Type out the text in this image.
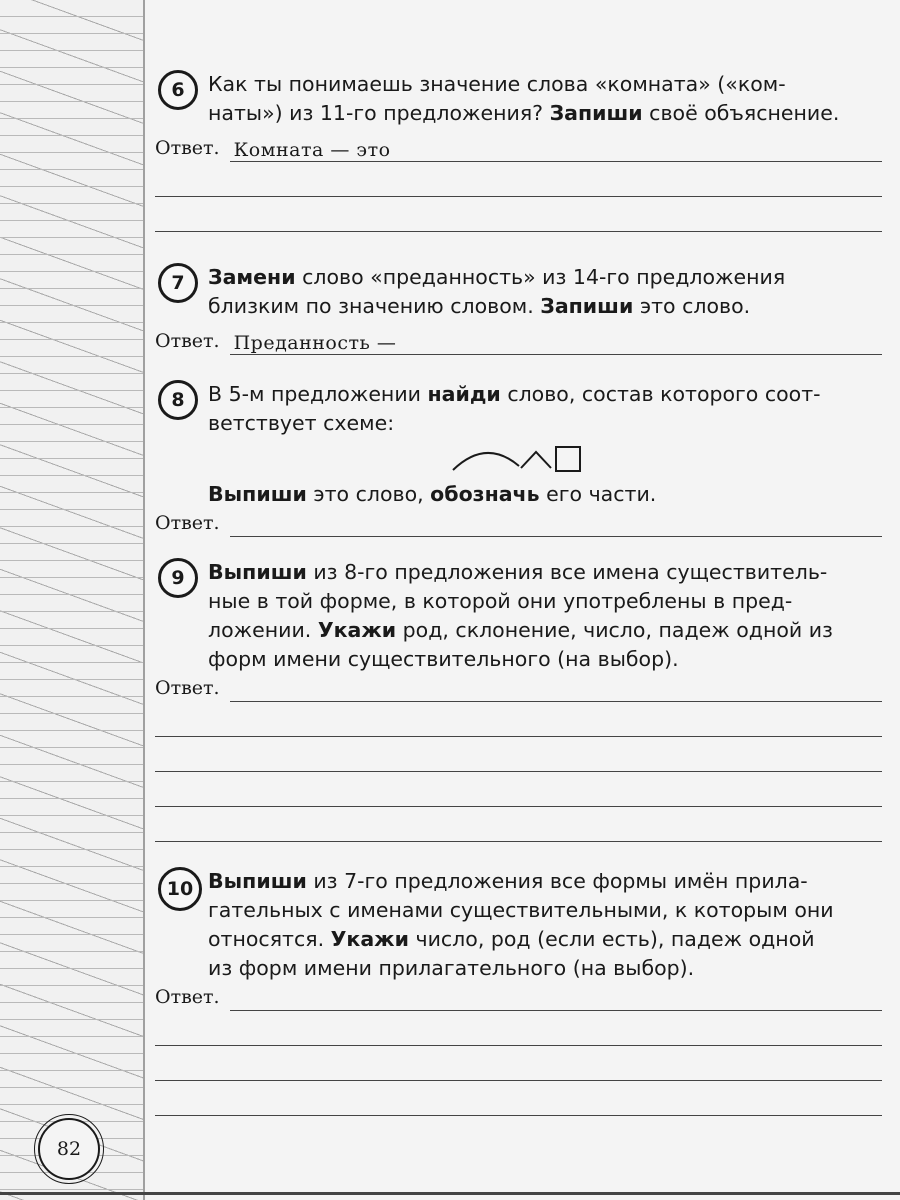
6	Как ты понимаешь значение слова «комната» («ком-
наты») из 11-го предложения? Запиши своё объяснение.
Ответ. Комната — это
7	Замени слово «преданность» из 14-го предложения
близким по значению словом. Запиши это слово.
Ответ. Преданность —
8	В 5-м предложении найди слово, состав которого соот-
ветствует схеме:
Выпиши это слово, обозначь его части.
Ответ.
9	Выпиши из 8-го предложения все имена существитель-
ные в той форме, в которой они употреблены в пред-
ложении. Укажи род, склонение, число, падеж одной из
форм имени существительного (на выбор).
Ответ.
10 Выпиши из 7-го предложения все формы имён прила-
гательных с именами существительными, к которым они
относятся. Укажи число, род (если есть), падеж одной
из форм имени прилагательного (на выбор).
Ответ.
82
